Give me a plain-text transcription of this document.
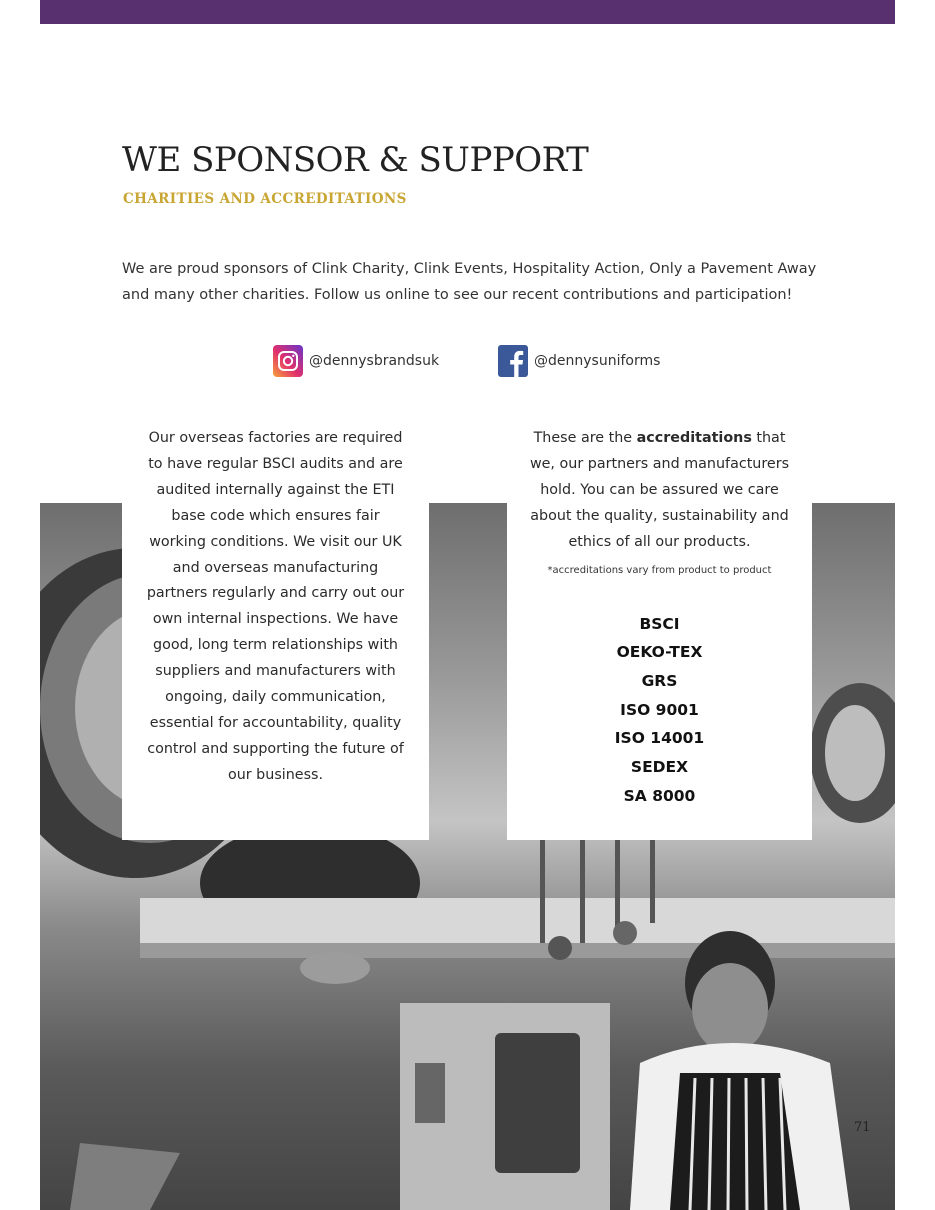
WE SPONSOR & SUPPORT
CHARITIES AND ACCREDITATIONS

We are proud sponsors of Clink Charity, Clink Events, Hospitality Action, Only a Pavement Away and many other charities. Follow us online to see our recent contributions and participation!

@dennysbrandsuk	@dennysuniforms

Our overseas factories are required to have regular BSCI audits and are audited internally against the ETI base code which ensures fair working conditions. We visit our UK and overseas manufacturing partners regularly and carry out our own internal inspections. We have good, long term relationships with suppliers and manufacturers with ongoing, daily communication, essential for accountability, quality control and supporting the future of our business.

These are the accreditations that we, our partners and manufacturers hold. You can be assured we care about the quality, sustainability and ethics of all our products.

*accreditations vary from product to product

BSCI
OEKO-TEX
GRS
ISO 9001
ISO 14001
SEDEX
SA 8000
71
